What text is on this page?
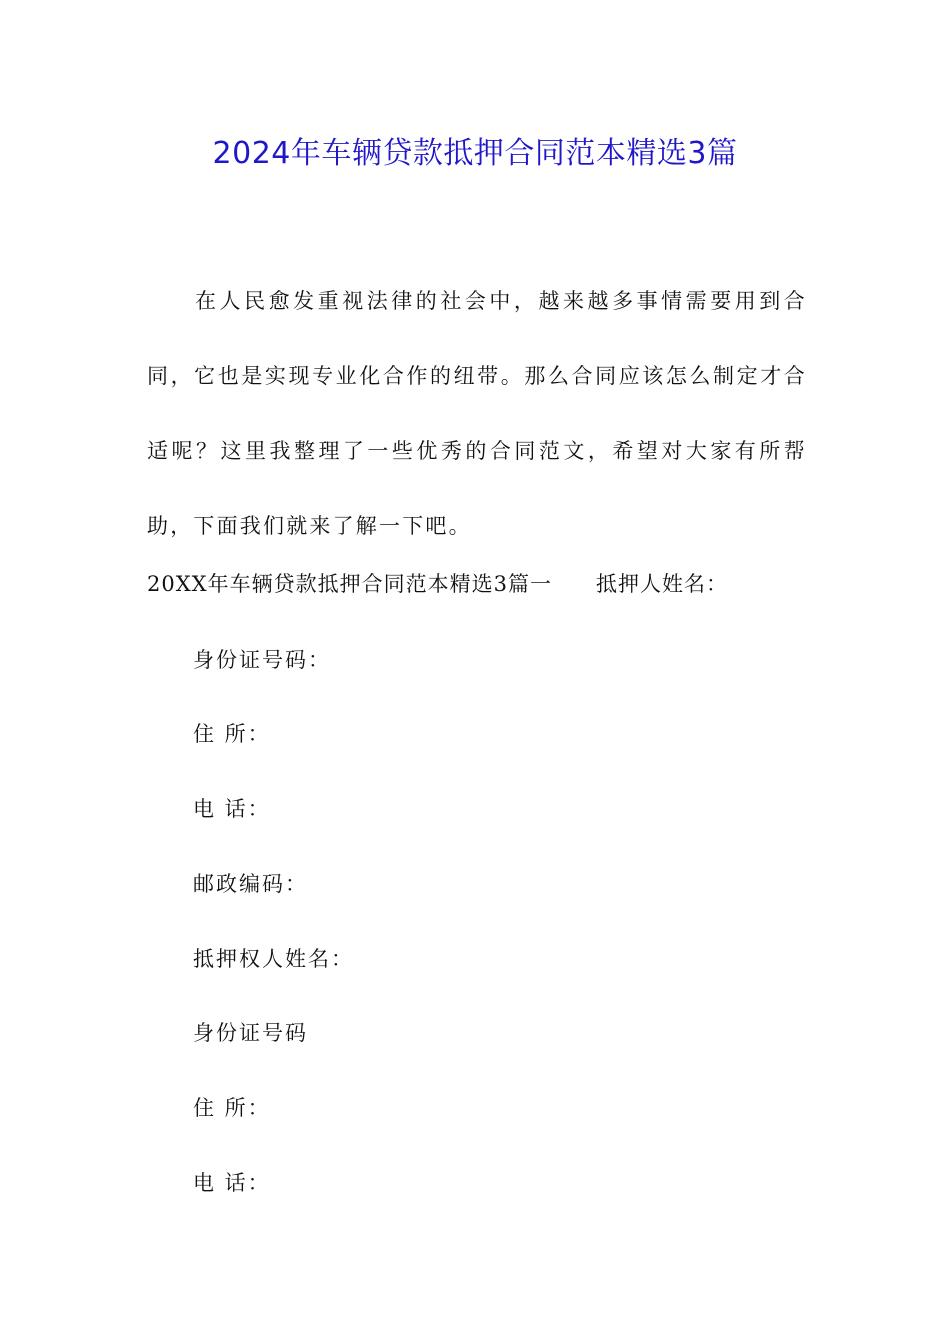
2024年车辆贷款抵押合同范本精选3篇

在人民愈发重视法律的社会中，越来越多事情需要用到合同，它也是实现专业化合作的纽带。那么合同应该怎么制定才合适呢？这里我整理了一些优秀的合同范文，希望对大家有所帮助，下面我们就来了解一下吧。

20XX年车辆贷款抵押合同范本精选3篇一 抵押人姓名：

身份证号码：

住 所：

电 话：

邮政编码：

抵押权人姓名：

身份证号码

住 所：

电 话：
